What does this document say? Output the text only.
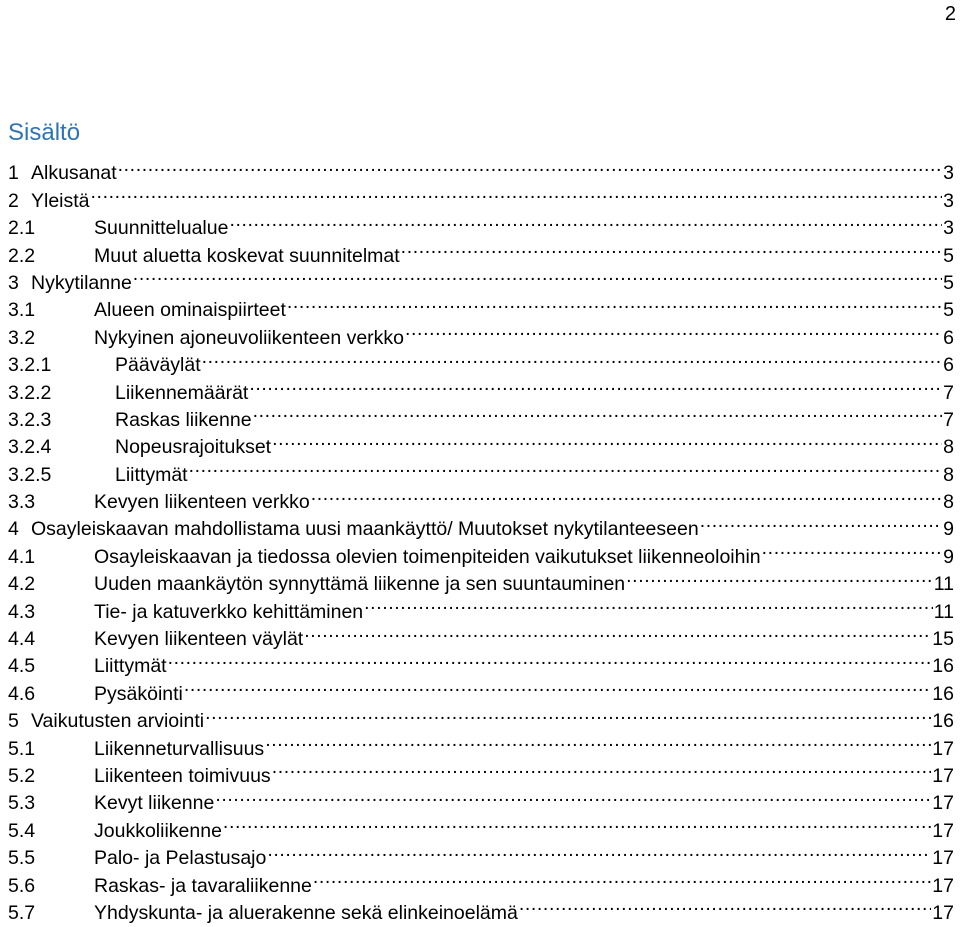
2
Sisältö
1 Alkusanat .....	3
2 Yleistä .....	3
2.1	Suunnittelualue .....	3
2.2	Muut aluetta koskevat suunnitelmat .....	5
3 Nykytilanne .....	5
3.1	Alueen ominaispiirteet .....	5
3.2	Nykyinen ajoneuvoliikenteen verkko .....	6
3.2.1	Pääväylät .....	6
3.2.2	Liikennemäärät .....	7
3.2.3	Raskas liikenne .....	7
3.2.4	Nopeusrajoitukset .....	8
3.2.5	Liittymät .....	8
3.3	Kevyen liikenteen verkko .....	8
4 Osayleiskaavan mahdollistama uusi maankäyttö/ Muutokset nykytilanteeseen .....	9
4.1	Osayleiskaavan ja tiedossa olevien toimenpiteiden vaikutukset liikenneoloihin .....	9
4.2	Uuden maankäytön synnyttämä liikenne ja sen suuntauminen .....	11
4.3	Tie- ja katuverkko kehittäminen .....	11
4.4	Kevyen liikenteen väylät .....	15
4.5	Liittymät .....	16
4.6	Pysäköinti .....	16
5 Vaikutusten arviointi .....	16
5.1	Liikenneturvallisuus .....	17
5.2	Liikenteen toimivuus .....	17
5.3	Kevyt liikenne .....	17
5.4	Joukkoliikenne .....	17
5.5	Palo- ja Pelastusajo .....	17
5.6	Raskas- ja tavaraliikenne .....	17
5.7	Yhdyskunta- ja aluerakenne sekä elinkeinoelämä .....	17
